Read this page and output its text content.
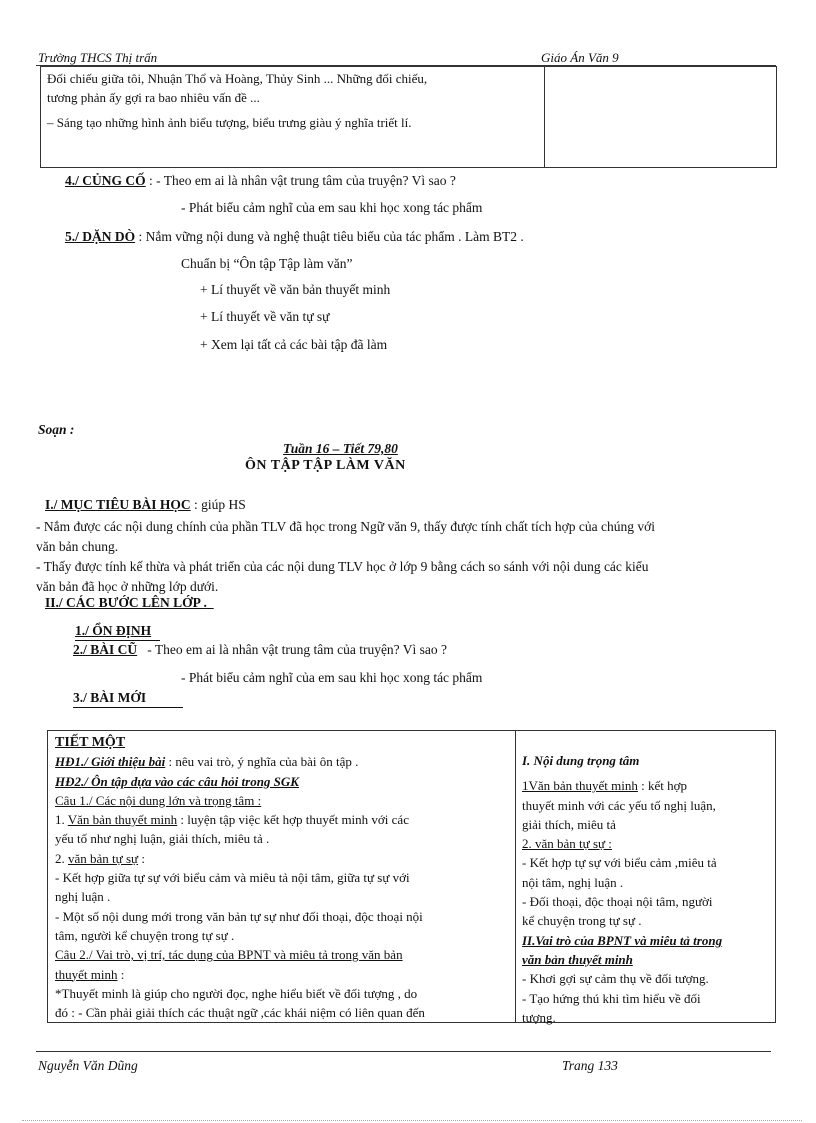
Trường THCS Thị trấn	Giáo Án Văn 9
Đối chiếu giữa tôi, Nhuận Thổ và Hoàng, Thủy Sinh ... Những đối chiếu,
tương phản ấy gợi ra bao nhiêu vấn đề ...
– Sáng tạo những hình ảnh biểu tượng, biểu trưng giàu ý nghĩa triết lí.
4./ CỦNG CỐ : - Theo em ai là nhân vật trung tâm của truyện? Vì sao ?
- Phát biểu cảm nghĩ của em sau khi học xong tác phẩm
5./ DẶN DÒ : Nắm vững nội dung và nghệ thuật tiêu biểu của tác phẩm . Làm BT2 .
Chuẩn bị “Ôn tập Tập làm văn”
+ Lí thuyết về văn bản thuyết minh
+ Lí thuyết về văn tự sự
+ Xem lại tất cả các bài tập đã làm
Soạn :
Tuần 16 – Tiết 79,80
ÔN TẬP TẬP LÀM VĂN
I./ MỤC TIÊU BÀI HỌC : giúp HS
- Nắm được các nội dung chính của phần TLV đã học trong Ngữ văn 9, thấy được tính chất tích hợp của chúng với
văn bản chung.
- Thấy được tính kế thừa và phát triển của các nội dung TLV học ở lớp 9 bằng cách so sánh với nội dung các kiểu
văn bản đã học ở những lớp dưới.
II./ CÁC BƯỚC LÊN LỚP .
1./ ỔN ĐỊNH
2./ BÀI CŨ - Theo em ai là nhân vật trung tâm của truyện? Vì sao ?
- Phát biểu cảm nghĩ của em sau khi học xong tác phẩm
3./ BÀI MỚI
TIẾT MỘT
HĐ1./ Giới thiệu bài : nêu vai trò, ý nghĩa của bài ôn tập .
HĐ2./ Ôn tập dựa vào các câu hỏi trong SGK
Câu 1./ Các nội dung lớn và trọng tâm :
1. Văn bản thuyết minh : luyện tập việc kết hợp thuyết minh với các
yếu tố như nghị luận, giải thích, miêu tả .
2. văn bản tự sự :
- Kết hợp giữa tự sự với biểu cảm và miêu tả nội tâm, giữa tự sự với
nghị luận .
- Một số nội dung mới trong văn bản tự sự như đối thoại, độc thoại nội
tâm, người kể chuyện trong tự sự .
Câu 2./ Vai trò, vị trí, tác dụng của BPNT và miêu tả trong văn bản
thuyết minh :
*Thuyết minh là giúp cho người đọc, nghe hiểu biết về đối tượng , do
đó : - Cần phải giải thích các thuật ngữ ,các khái niệm có liên quan đến
I. Nội dung trọng tâm
1Văn bản thuyết minh : kết hợp
thuyết minh với các yếu tố nghị luận,
giải thích, miêu tả
2. văn bản tự sự :
- Kết hợp tự sự với biểu cảm ,miêu tả
nội tâm, nghị luận .
- Đối thoại, độc thoại nội tâm, người
kể chuyện trong tự sự .
II.Vai trò của BPNT và miêu tả trong
văn bản thuyết minh
- Khơi gợi sự cảm thụ về đối tượng.
- Tạo hứng thú khi tìm hiểu về đối
tượng.
Nguyễn Văn Dũng	Trang 133
